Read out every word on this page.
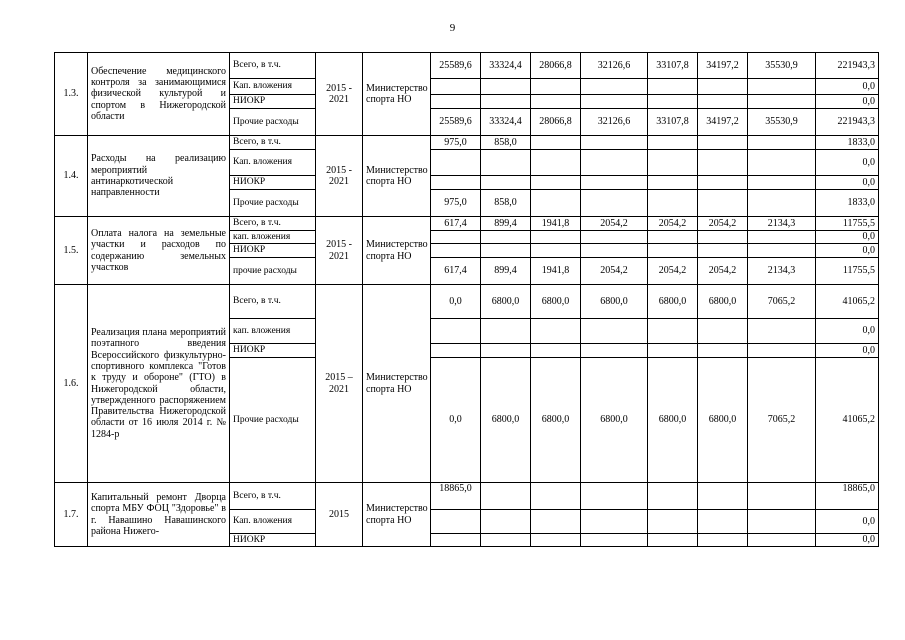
9
1.3.	Обеспечение медицинского контроля за занимающимися физической культурой и спортом в Нижегородской области	Всего, в т.ч.	2015 - 2021	Министерство спорта НО	25589,6	33324,4	28066,8	32126,6	33107,8	34197,2	35530,9	221943,3
		Кап. вложения										0,0
		НИОКР										0,0
		Прочие расходы			25589,6	33324,4	28066,8	32126,6	33107,8	34197,2	35530,9	221943,3
1.4.	Расходы на реализацию мероприятий антинаркотической направленности	Всего, в т.ч.	2015 - 2021	Министерство спорта НО	975,0	858,0						1833,0
		Кап. вложения										0,0
		НИОКР										0,0
		Прочие расходы			975,0	858,0						1833,0
1.5.	Оплата налога на земельные участки и расходов по содержанию земельных участков	Всего, в т.ч.	2015 - 2021	Министерство спорта НО	617,4	899,4	1941,8	2054,2	2054,2	2054,2	2134,3	11755,5
		кап. вложения										0,0
		НИОКР										0,0
		прочие расходы			617,4	899,4	1941,8	2054,2	2054,2	2054,2	2134,3	11755,5
1.6.	Реализация плана мероприятий поэтапного введения Всероссийского физкультурно-спортивного комплекса "Готов к труду и обороне" (ГТО) в Нижегородской области, утвержденного распоряжением Правительства Нижегородской области от 16 июля 2014 г. № 1284-р	Всего, в т.ч.	2015 – 2021	Министерство спорта НО	0,0	6800,0	6800,0	6800,0	6800,0	6800,0	7065,2	41065,2
		кап. вложения										0,0
		НИОКР										0,0
		Прочие расходы			0,0	6800,0	6800,0	6800,0	6800,0	6800,0	7065,2	41065,2
1.7.	Капитальный ремонт Дворца спорта МБУ ФОЦ "Здоровье" в г. Навашино Навашинского района Нижего-	Всего, в т.ч.	2015	Министерство спорта НО	18865,0							18865,0
		Кап. вложения										0,0
		НИОКР										0,0
